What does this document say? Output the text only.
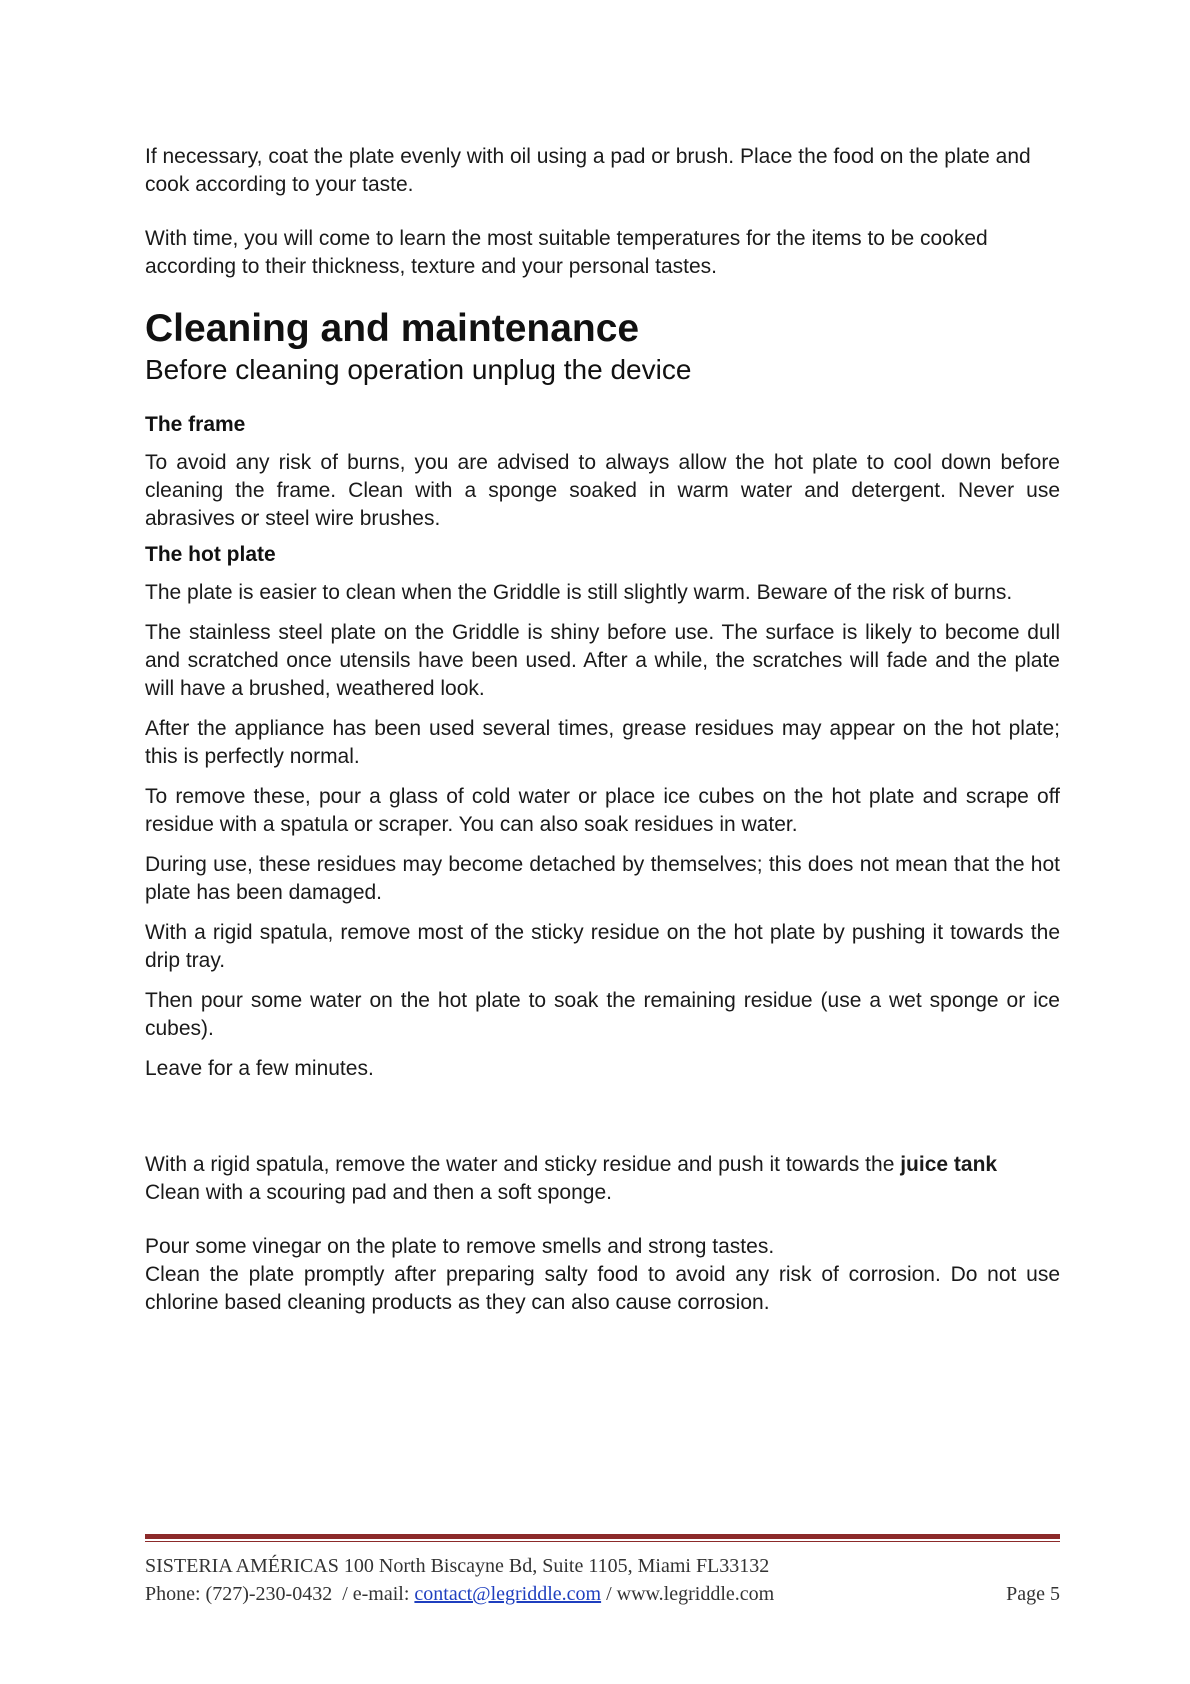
If necessary, coat the plate evenly with oil using a pad or brush. Place the food on the plate and cook according to your taste.

With time, you will come to learn the most suitable temperatures for the items to be cooked according to their thickness, texture and your personal tastes.

Cleaning and maintenance
Before cleaning operation unplug the device
The frame

To avoid any risk of burns, you are advised to always allow the hot plate to cool down before cleaning the frame. Clean with a sponge soaked in warm water and detergent. Never use abrasives or steel wire brushes.

The hot plate

The plate is easier to clean when the Griddle is still slightly warm. Beware of the risk of burns.

The stainless steel plate on the Griddle is shiny before use. The surface is likely to become dull and scratched once utensils have been used. After a while, the scratches will fade and the plate will have a brushed, weathered look.

After the appliance has been used several times, grease residues may appear on the hot plate; this is perfectly normal.

To remove these, pour a glass of cold water or place ice cubes on the hot plate and scrape off residue with a spatula or scraper. You can also soak residues in water.

During use, these residues may become detached by themselves; this does not mean that the hot plate has been damaged.

With a rigid spatula, remove most of the sticky residue on the hot plate by pushing it towards the drip tray.

Then pour some water on the hot plate to soak the remaining residue (use a wet sponge or ice cubes).

Leave for a few minutes.

With a rigid spatula, remove the water and sticky residue and push it towards the juice tank

Clean with a scouring pad and then a soft sponge.

Pour some vinegar on the plate to remove smells and strong tastes.

Clean the plate promptly after preparing salty food to avoid any risk of corrosion. Do not use chlorine based cleaning products as they can also cause corrosion.

SISTERIA AMÉRICAS 100 North Biscayne Bd, Suite 1105, Miami FL33132
Phone: (727)-230-0432  / e-mail: contact@legriddle.com / www.legriddle.com	Page 5
